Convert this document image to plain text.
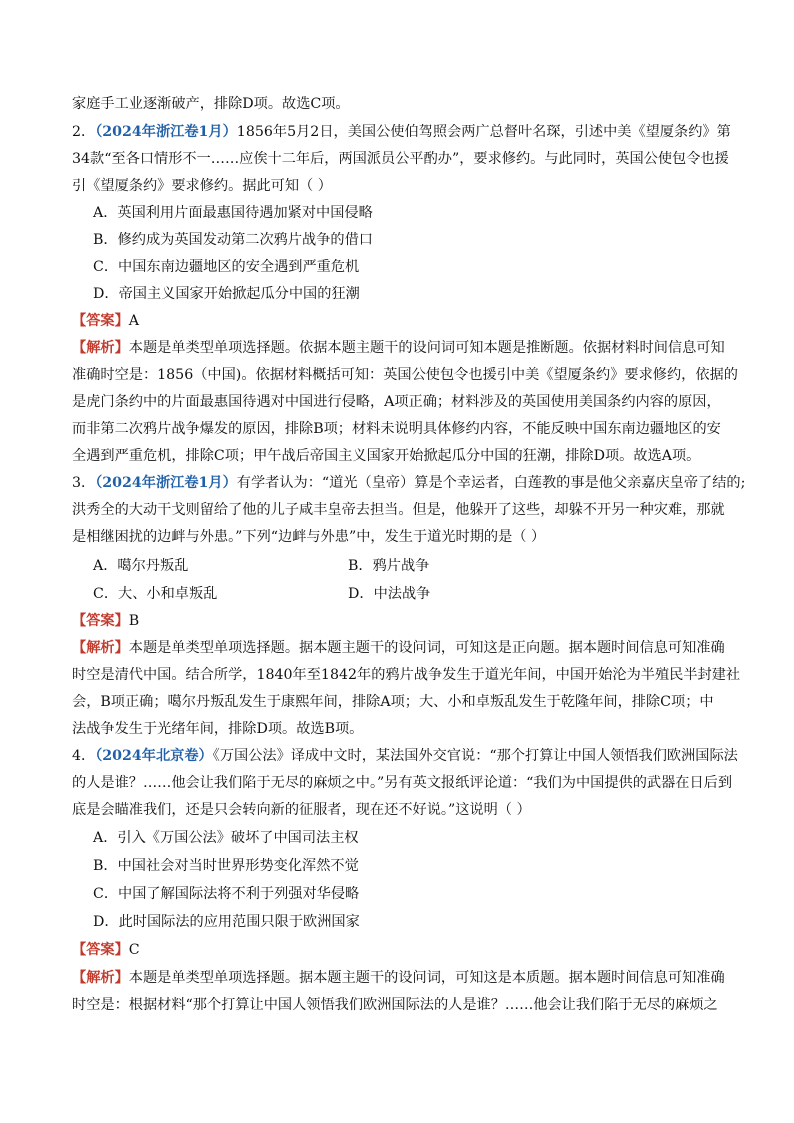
家庭手工业逐渐破产，排除D项。故选C项。
2．（2024年浙江卷1月）1856年5月2日，美国公使伯驾照会两广总督叶名琛，引述中美《望厦条约》第
34款“至各口情形不一……应俟十二年后，两国派员公平酌办”，要求修约。与此同时，英国公使包令也援
引《望厦条约》要求修约。据此可知（ ）
A．英国利用片面最惠国待遇加紧对中国侵略
B．修约成为英国发动第二次鸦片战争的借口
C．中国东南边疆地区的安全遇到严重危机
D．帝国主义国家开始掀起瓜分中国的狂潮
【答案】A
【解析】本题是单类型单项选择题。依据本题主题干的设问词可知本题是推断题。依据材料时间信息可知
准确时空是：1856（中国)。依据材料概括可知：英国公使包令也援引中美《望厦条约》要求修约，依据的
是虎门条约中的片面最惠国待遇对中国进行侵略，A项正确；材料涉及的英国使用美国条约内容的原因，
而非第二次鸦片战争爆发的原因，排除B项；材料未说明具体修约内容，不能反映中国东南边疆地区的安
全遇到严重危机，排除C项；甲午战后帝国主义国家开始掀起瓜分中国的狂潮，排除D项。故选A项。
3．（2024年浙江卷1月）有学者认为：“道光（皇帝）算是个幸运者，白莲教的事是他父亲嘉庆皇帝了结的;
洪秀全的大动干戈则留给了他的儿子咸丰皇帝去担当。但是，他躲开了这些，却躲不开另一种灾难，那就
是相继困扰的边衅与外患。”下列“边衅与外患”中，发生于道光时期的是（ ）
A．噶尔丹叛乱	B．鸦片战争
C．大、小和卓叛乱	D．中法战争
【答案】B
【解析】本题是单类型单项选择题。据本题主题干的设问词，可知这是正向题。据本题时间信息可知准确
时空是清代中国。结合所学，1840年至1842年的鸦片战争发生于道光年间，中国开始沦为半殖民半封建社
会，B项正确；噶尔丹叛乱发生于康熙年间，排除A项；大、小和卓叛乱发生于乾隆年间，排除C项；中
法战争发生于光绪年间，排除D项。故选B项。
4．（2024年北京卷）《万国公法》译成中文时，某法国外交官说：“那个打算让中国人领悟我们欧洲国际法
的人是谁？……他会让我们陷于无尽的麻烦之中。”另有英文报纸评论道：“我们为中国提供的武器在日后到
底是会瞄准我们，还是只会转向新的征服者，现在还不好说。”这说明（ ）
A．引入《万国公法》破坏了中国司法主权
B．中国社会对当时世界形势变化浑然不觉
C．中国了解国际法将不利于列强对华侵略
D．此时国际法的应用范围只限于欧洲国家
【答案】C
【解析】本题是单类型单项选择题。据本题主题干的设问词，可知这是本质题。据本题时间信息可知准确
时空是：根据材料“那个打算让中国人领悟我们欧洲国际法的人是谁？……他会让我们陷于无尽的麻烦之
